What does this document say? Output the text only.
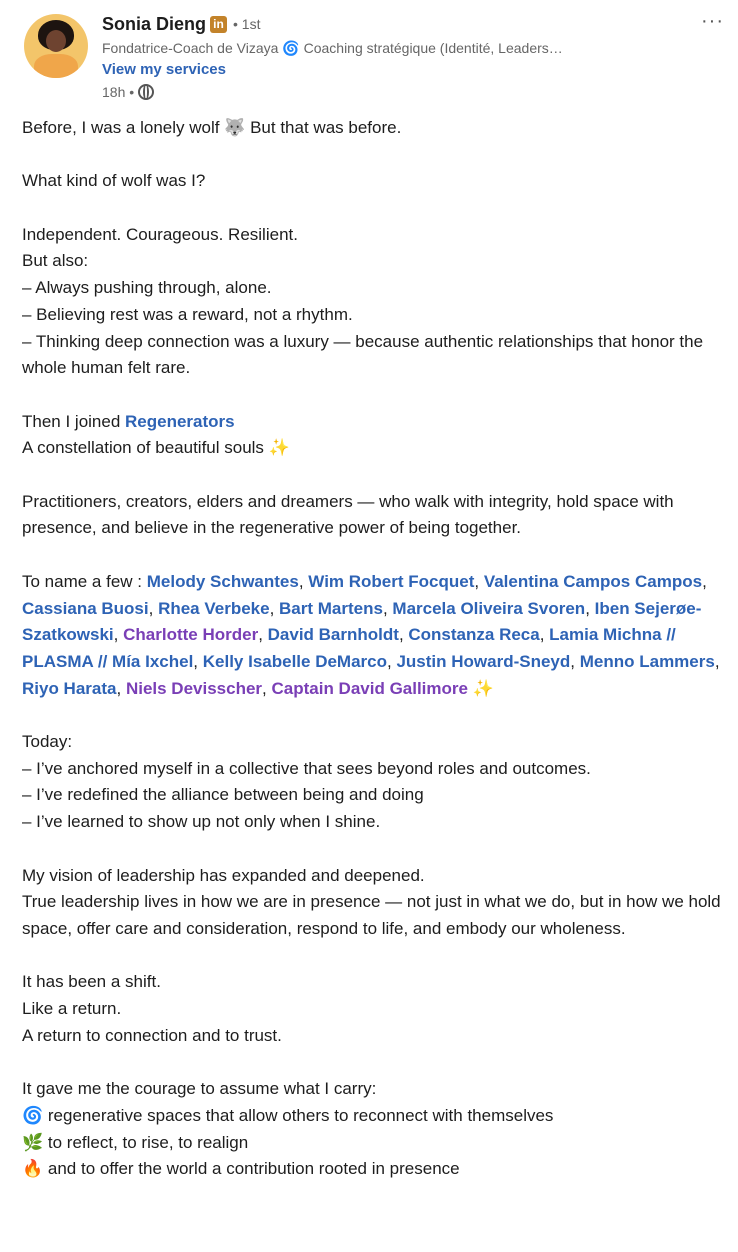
Sonia Dieng in • 1st
Fondatrice-Coach de Vizaya 🌀 Coaching stratégique (Identité, Leaders…
View my services
18h •
···

Before, I was a lonely wolf 🐺 But that was before.

What kind of wolf was I?

Independent. Courageous. Resilient.

But also:

– Always pushing through, alone.

– Believing rest was a reward, not a rhythm.

– Thinking deep connection was a luxury — because authentic relationships that honor the whole human felt rare.

Then I joined Regenerators

A constellation of beautiful souls ✨

Practitioners, creators, elders and dreamers — who walk with integrity, hold space with presence, and believe in the regenerative power of being together.

To name a few : Melody Schwantes, Wim Robert Focquet, Valentina Campos Campos, Cassiana Buosi, Rhea Verbeke, Bart Martens, Marcela Oliveira Svoren, Iben Sejerøe-Szatkowski, Charlotte Horder, David Barnholdt, Constanza Reca, Lamia Michna // PLASMA // Mía Ixchel, Kelly Isabelle DeMarco, Justin Howard-Sneyd, Menno Lammers, Riyo Harata, Niels Devisscher, Captain David Gallimore ✨

Today:

– I’ve anchored myself in a collective that sees beyond roles and outcomes.

– I’ve redefined the alliance between being and doing

– I’ve learned to show up not only when I shine.

My vision of leadership has expanded and deepened.

True leadership lives in how we are in presence — not just in what we do, but in how we hold space, offer care and consideration, respond to life, and embody our wholeness.

It has been a shift.

Like a return.

A return to connection and to trust.

It gave me the courage to assume what I carry:

🌀 regenerative spaces that allow others to reconnect with themselves

🌿 to reflect, to rise, to realign

🔥 and to offer the world a contribution rooted in presence
